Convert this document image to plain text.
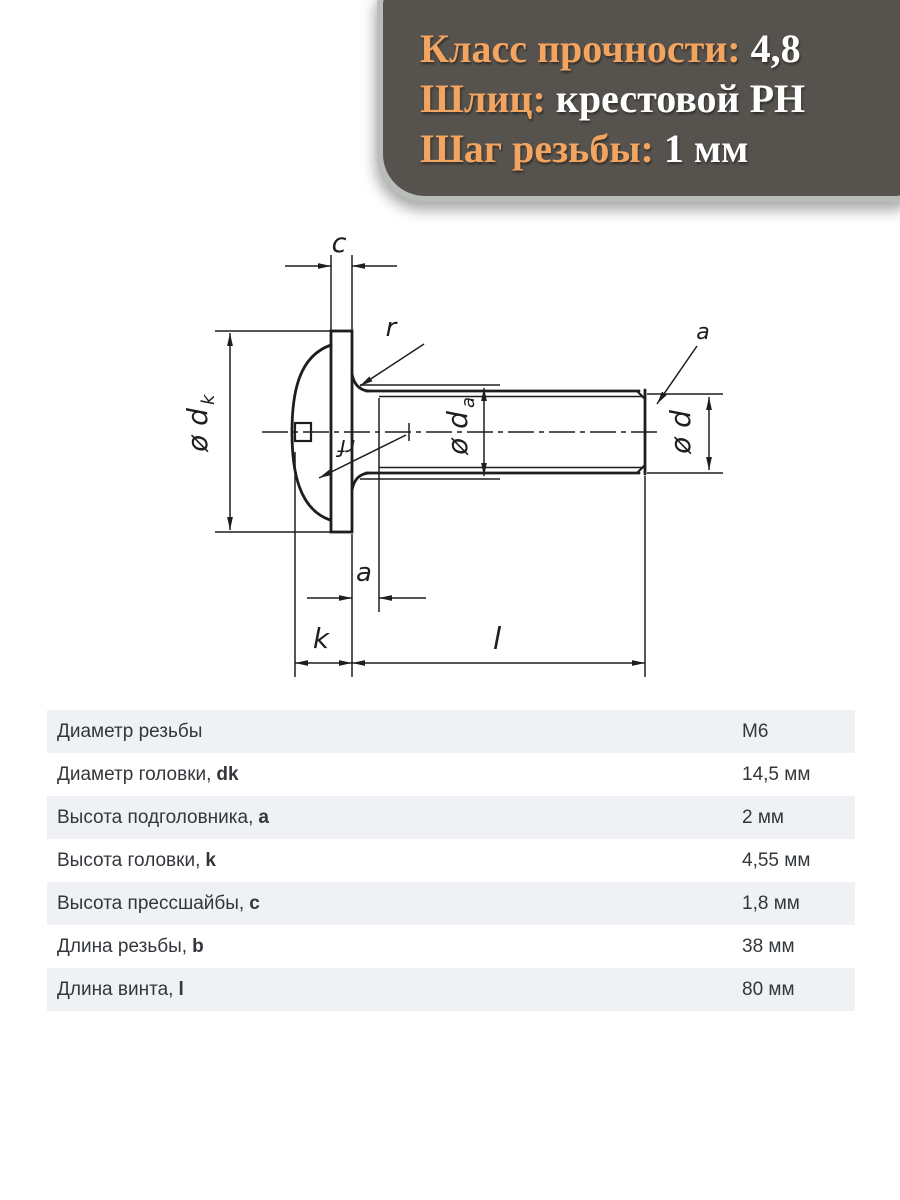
c
ø d
k
ø d
a
ø d
r
rf
a
a
k	l
Класс прочности: 4,8
Шлиц: крестовой PH
Шаг резьбы: 1 мм
Диаметр резьбы	М6
Диаметр головки, dk	14,5 мм
Высота подголовника, a	2 мм
Высота головки, k	4,55 мм
Высота прессшайбы, c	1,8 мм
Длина резьбы, b	38 мм
Длина винта, l	80 мм
